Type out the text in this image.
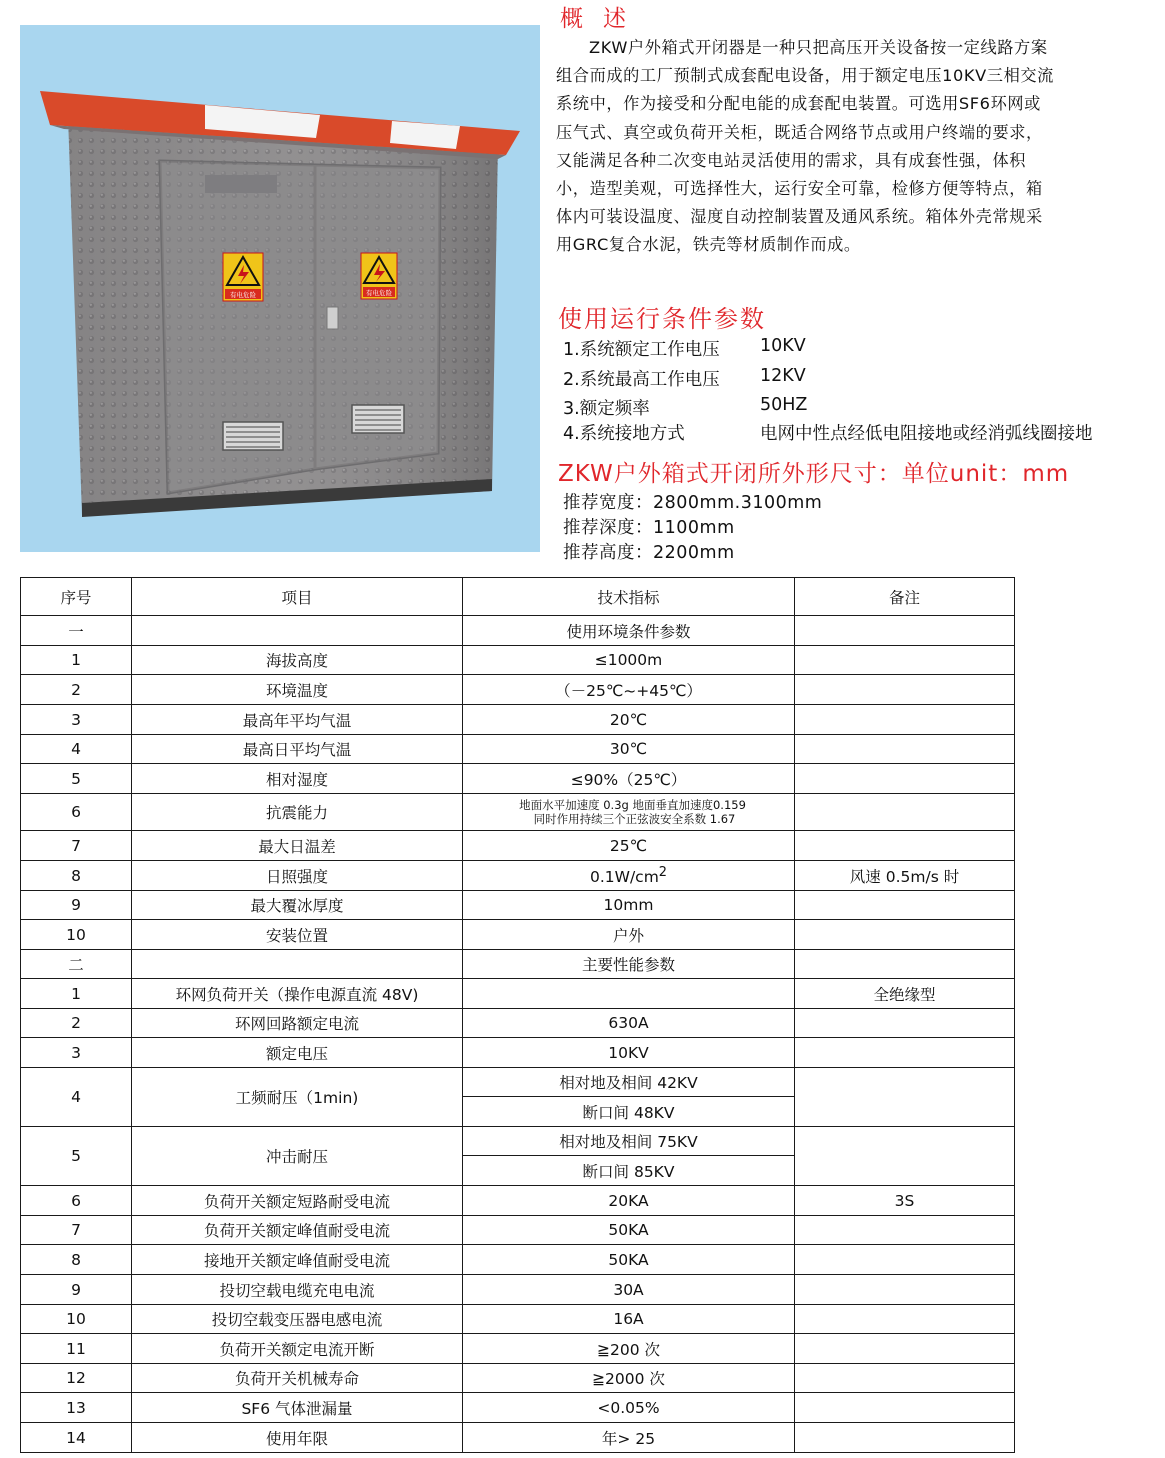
有电危险	有电危险
概述

ZKW户外箱式开闭器是一种只把高压开关设备按一定线路方案组合而成的工厂预制式成套配电设备，用于额定电压10KV三相交流系统中，作为接受和分配电能的成套配电装置。可选用SF6环网或压气式、真空或负荷开关柜，既适合网络节点或用户终端的要求，又能满足各种二次变电站灵活使用的需求，具有成套性强，体积小，造型美观，可选择性大，运行安全可靠，检修方便等特点，箱体内可装设温度、湿度自动控制装置及通风系统。箱体外壳常规采用GRC复合水泥，铁壳等材质制作而成。

使用运行条件参数
1.系统额定工作电压 10KV
2.系统最高工作电压 12KV
3.额定频率	50HZ
4.系统接地方式	电网中性点经低电阻接地或经消弧线圈接地
ZKW户外箱式开闭所外形尺寸：单位unit：mm
推荐宽度：2800mm.3100mm
推荐深度：1100mm
推荐高度：2200mm
序号	项目	技术指标	备注
一		使用环境条件参数	
1	海拔高度	≤1000m	
2	环境温度	（－25℃~+45℃）	
3	最高年平均气温	20℃	
4	最高日平均气温	30℃	
5	相对湿度	≤90%（25℃）	
6	抗震能力	地面水平加速度 0.3g 地面垂直加速度0.159
同时作用持续三个正弦波安全系数 1.67	

7	最大日温差	25℃	
8	日照强度	$0.1W/cm^2$	风速 0.5m/s 时
9	最大覆冰厚度	10mm	
10	安装位置	户外	
二		主要性能参数	
1	环网负荷开关（操作电源直流 48V)		全绝缘型
2	环网回路额定电流	630A	
3	额定电压	10KV	
4	工频耐压（1min)	相对地及相间 42KV	
		断口间 48KV	
5	冲击耐压	相对地及相间 75KV	
		断口间 85KV	
6	负荷开关额定短路耐受电流	20KA	3S
7	负荷开关额定峰值耐受电流	50KA	
8	接地开关额定峰值耐受电流	50KA	
9	投切空载电缆充电电流	30A	
10	投切空载变压器电感电流	16A	
11	负荷开关额定电流开断	≧200 次	
12	负荷开关机械寿命	≧2000 次	
13	SF6 气体泄漏量	<0.05%	
14	使用年限	年> 25	
